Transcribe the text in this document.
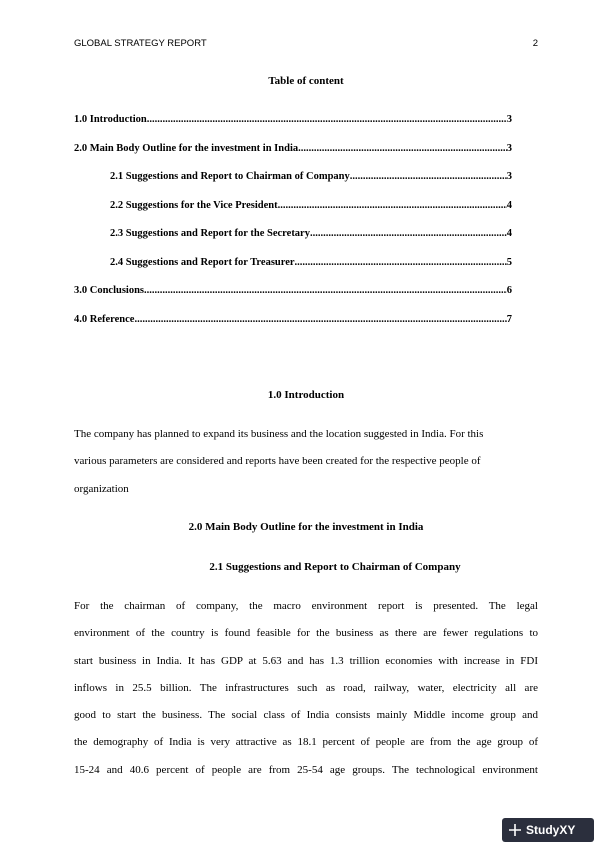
GLOBAL STRATEGY REPORT	2
Table of content
1.0 Introduction .....	3
2.0 Main Body Outline for the investment in India .....	3
2.1 Suggestions and Report to Chairman of Company .....	3
2.2 Suggestions for the Vice President .....	4
2.3 Suggestions and Report for the Secretary .....	4
2.4 Suggestions and Report for Treasurer .....	5
3.0 Conclusions .....	6
4.0 Reference .....	7
1.0 Introduction
The company has planned to expand its business and the location suggested in India. For this
various parameters are considered and reports have been created for the respective people of
organization
2.0 Main Body Outline for the investment in India
2.1 Suggestions and Report to Chairman of Company
For the chairman of company, the macro environment report is presented. The legal
environment of the country is found feasible for the business as there are fewer regulations to
start business in India. It has GDP at 5.63 and has 1.3 trillion economies with increase in FDI
inflows in 25.5 billion. The infrastructures such as road, railway, water, electricity all are
good to start the business. The social class of India consists mainly Middle income group and
the demography of India is very attractive as 18.1 percent of people are from the age group of
15-24 and 40.6 percent of people are from 25-54 age groups. The technological environment
StudyXY
